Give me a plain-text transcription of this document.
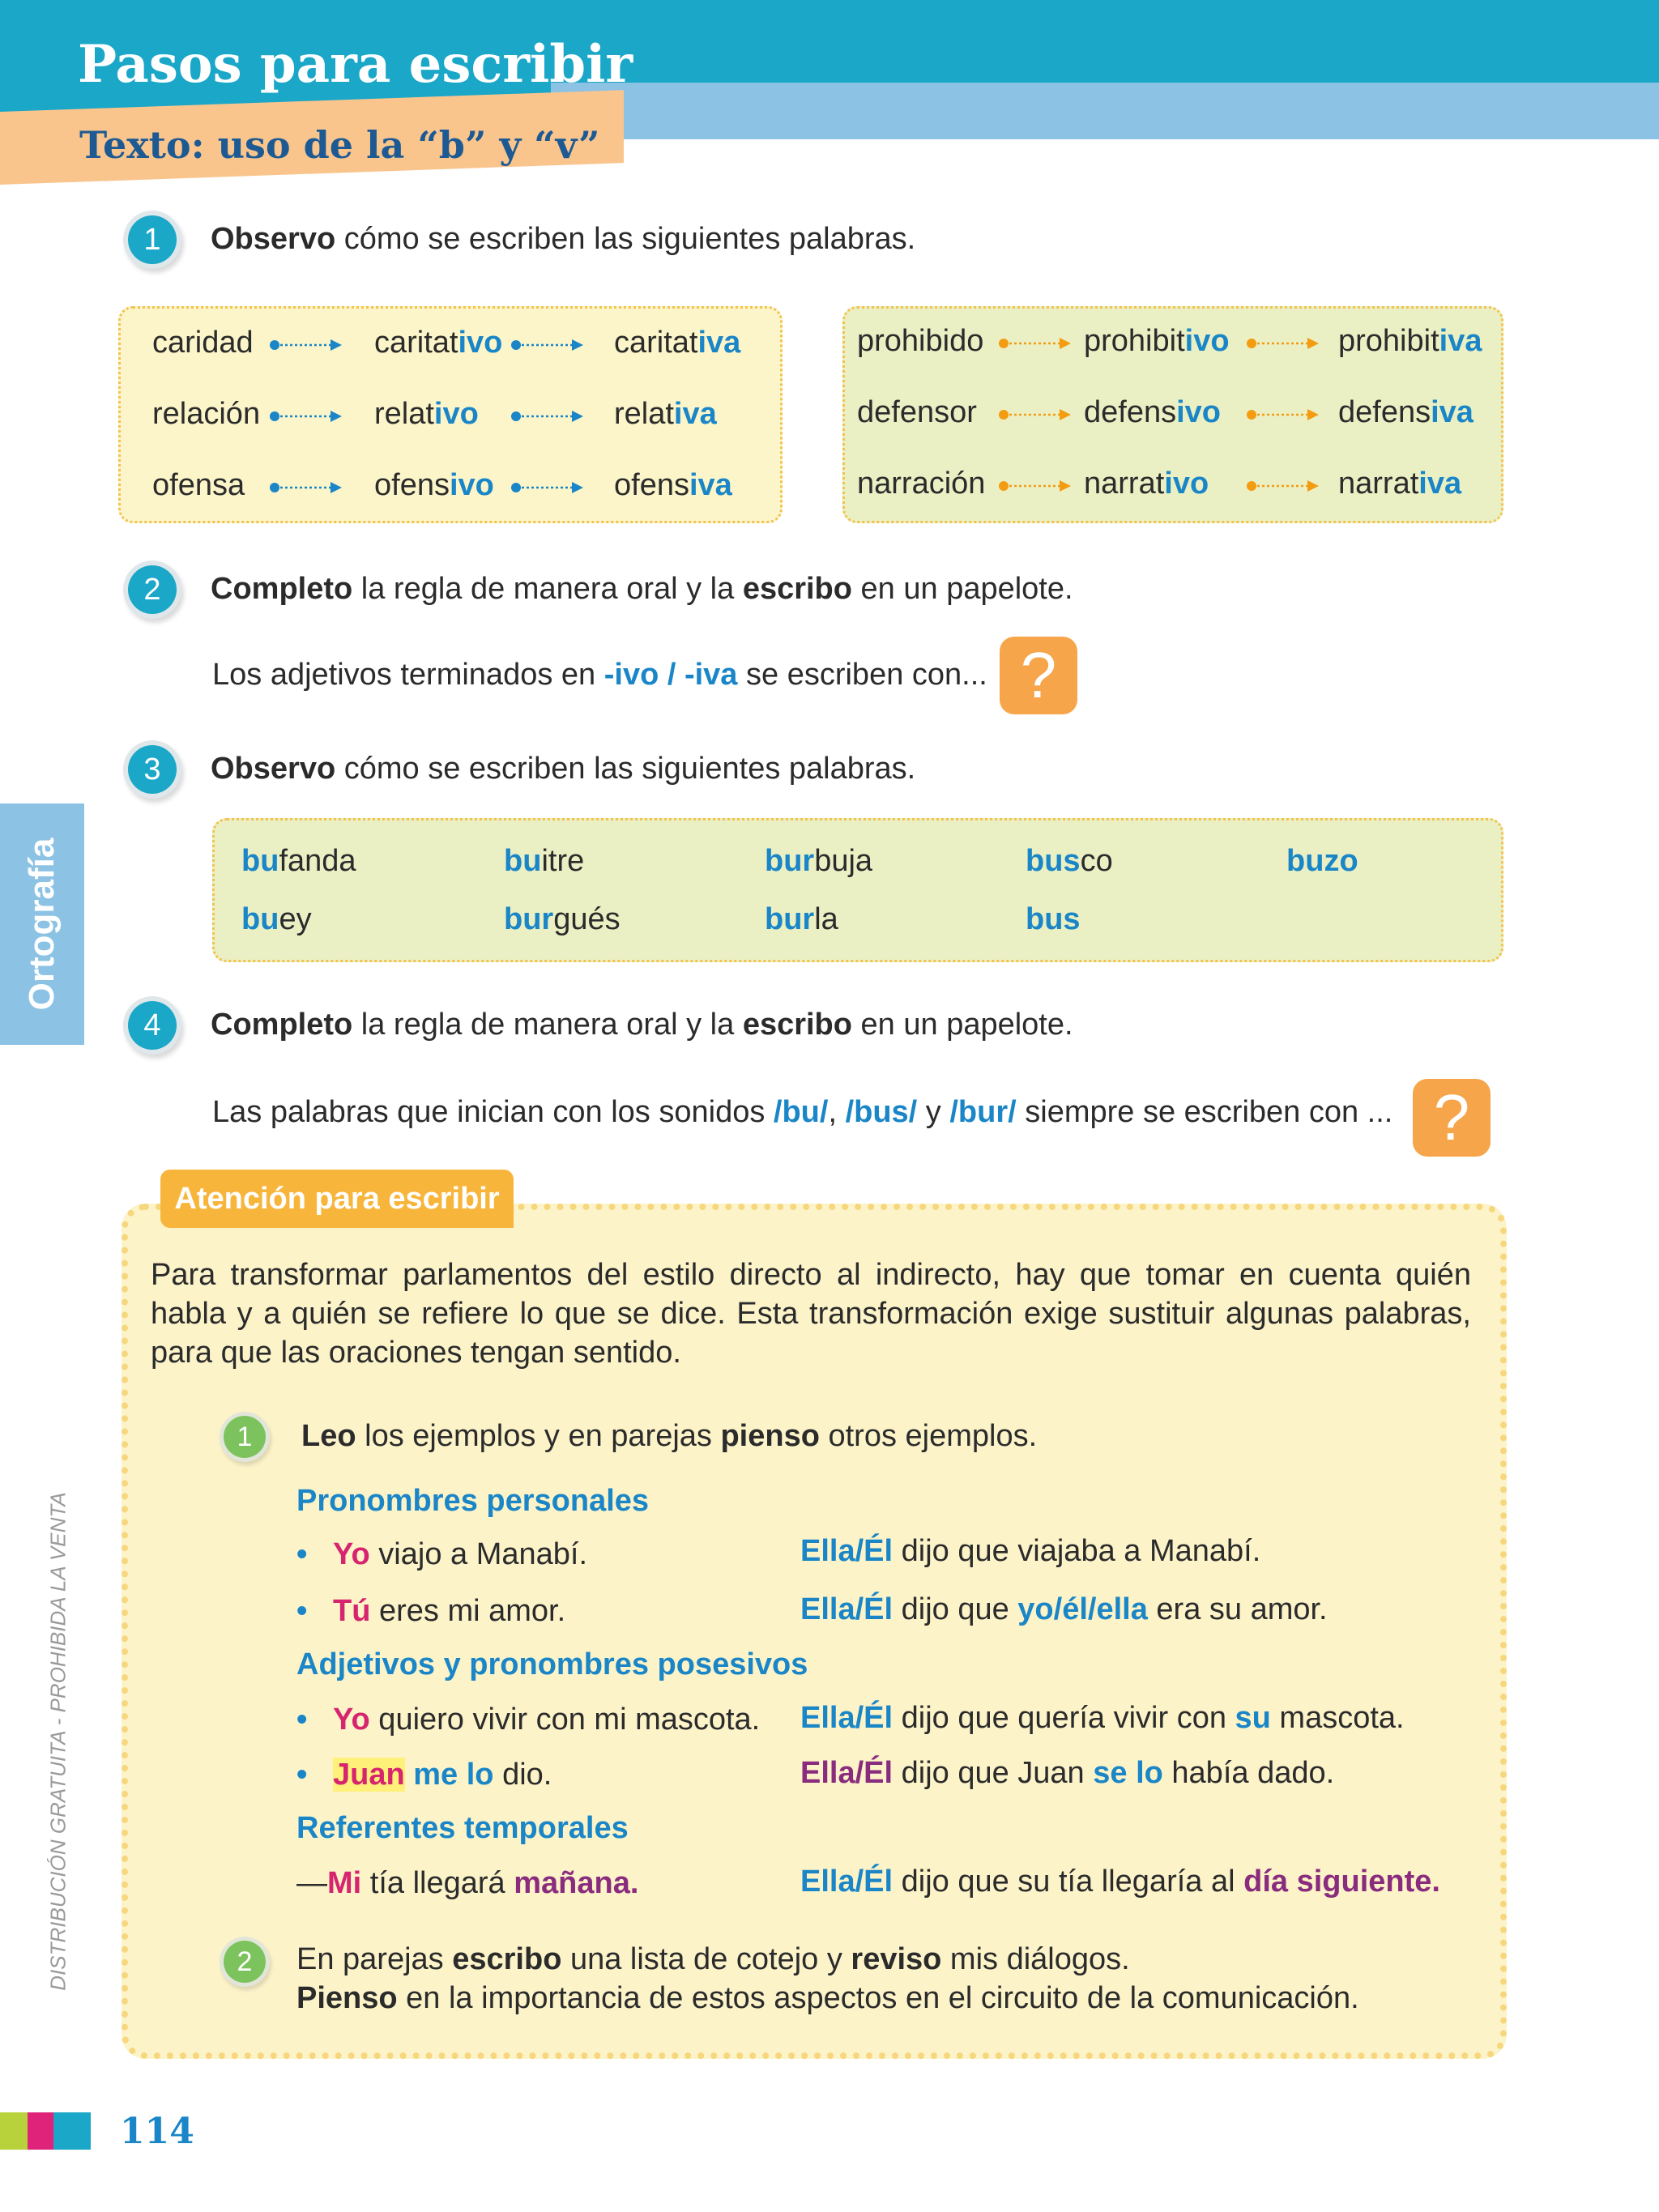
Pasos para escribir
Texto: uso de la “b” y “v”
1	Observo cómo se escriben las siguientes palabras.
caridad	caritativo	caritativa
relación	relativo	relativa
ofensa	ofensivo	ofensiva
prohibido	prohibitivo	prohibitiva
defensor	defensivo	defensiva
narración	narrativo	narrativa
2	Completo la regla de manera oral y la escribo en un papelote.
Los adjetivos terminados en -ivo / -iva se escriben con... ?
3	Observo cómo se escriben las siguientes palabras.
bufanda	buitre	burbuja	busco	buzo
buey	burgués	burla	bus
Ortografía
4	Completo la regla de manera oral y la escribo en un papelote.
Las palabras que inician con los sonidos /bu/, /bus/ y /bur/ siempre se escriben con ... ?
Atención para escribir
Para transformar parlamentos del estilo directo al indirecto, hay que tomar en cuenta quién habla y a quién se refiere lo que se dice. Esta transformación exige sustituir algunas palabras, para que las oraciones tengan sentido.
1	Leo los ejemplos y en parejas pienso otros ejemplos.
Pronombres personales
• Yo viajo a Manabí.	Ella/Él dijo que viajaba a Manabí.
• Tú eres mi amor.	Ella/Él dijo que yo/él/ella era su amor.
Adjetivos y pronombres posesivos
• Yo quiero vivir con mi mascota. Ella/Él dijo que quería vivir con su mascota.
• Juan me lo dio.	Ella/Él dijo que Juan se lo había dado.
Referentes temporales
—Mi tía llegará mañana.	Ella/Él dijo que su tía llegaría al día siguiente.
2	En parejas escribo una lista de cotejo y reviso mis diálogos.
Pienso en la importancia de estos aspectos en el circuito de la comunicación.
DISTRIBUCIÓN GRATUITA - PROHIBIDA LA VENTA
114
